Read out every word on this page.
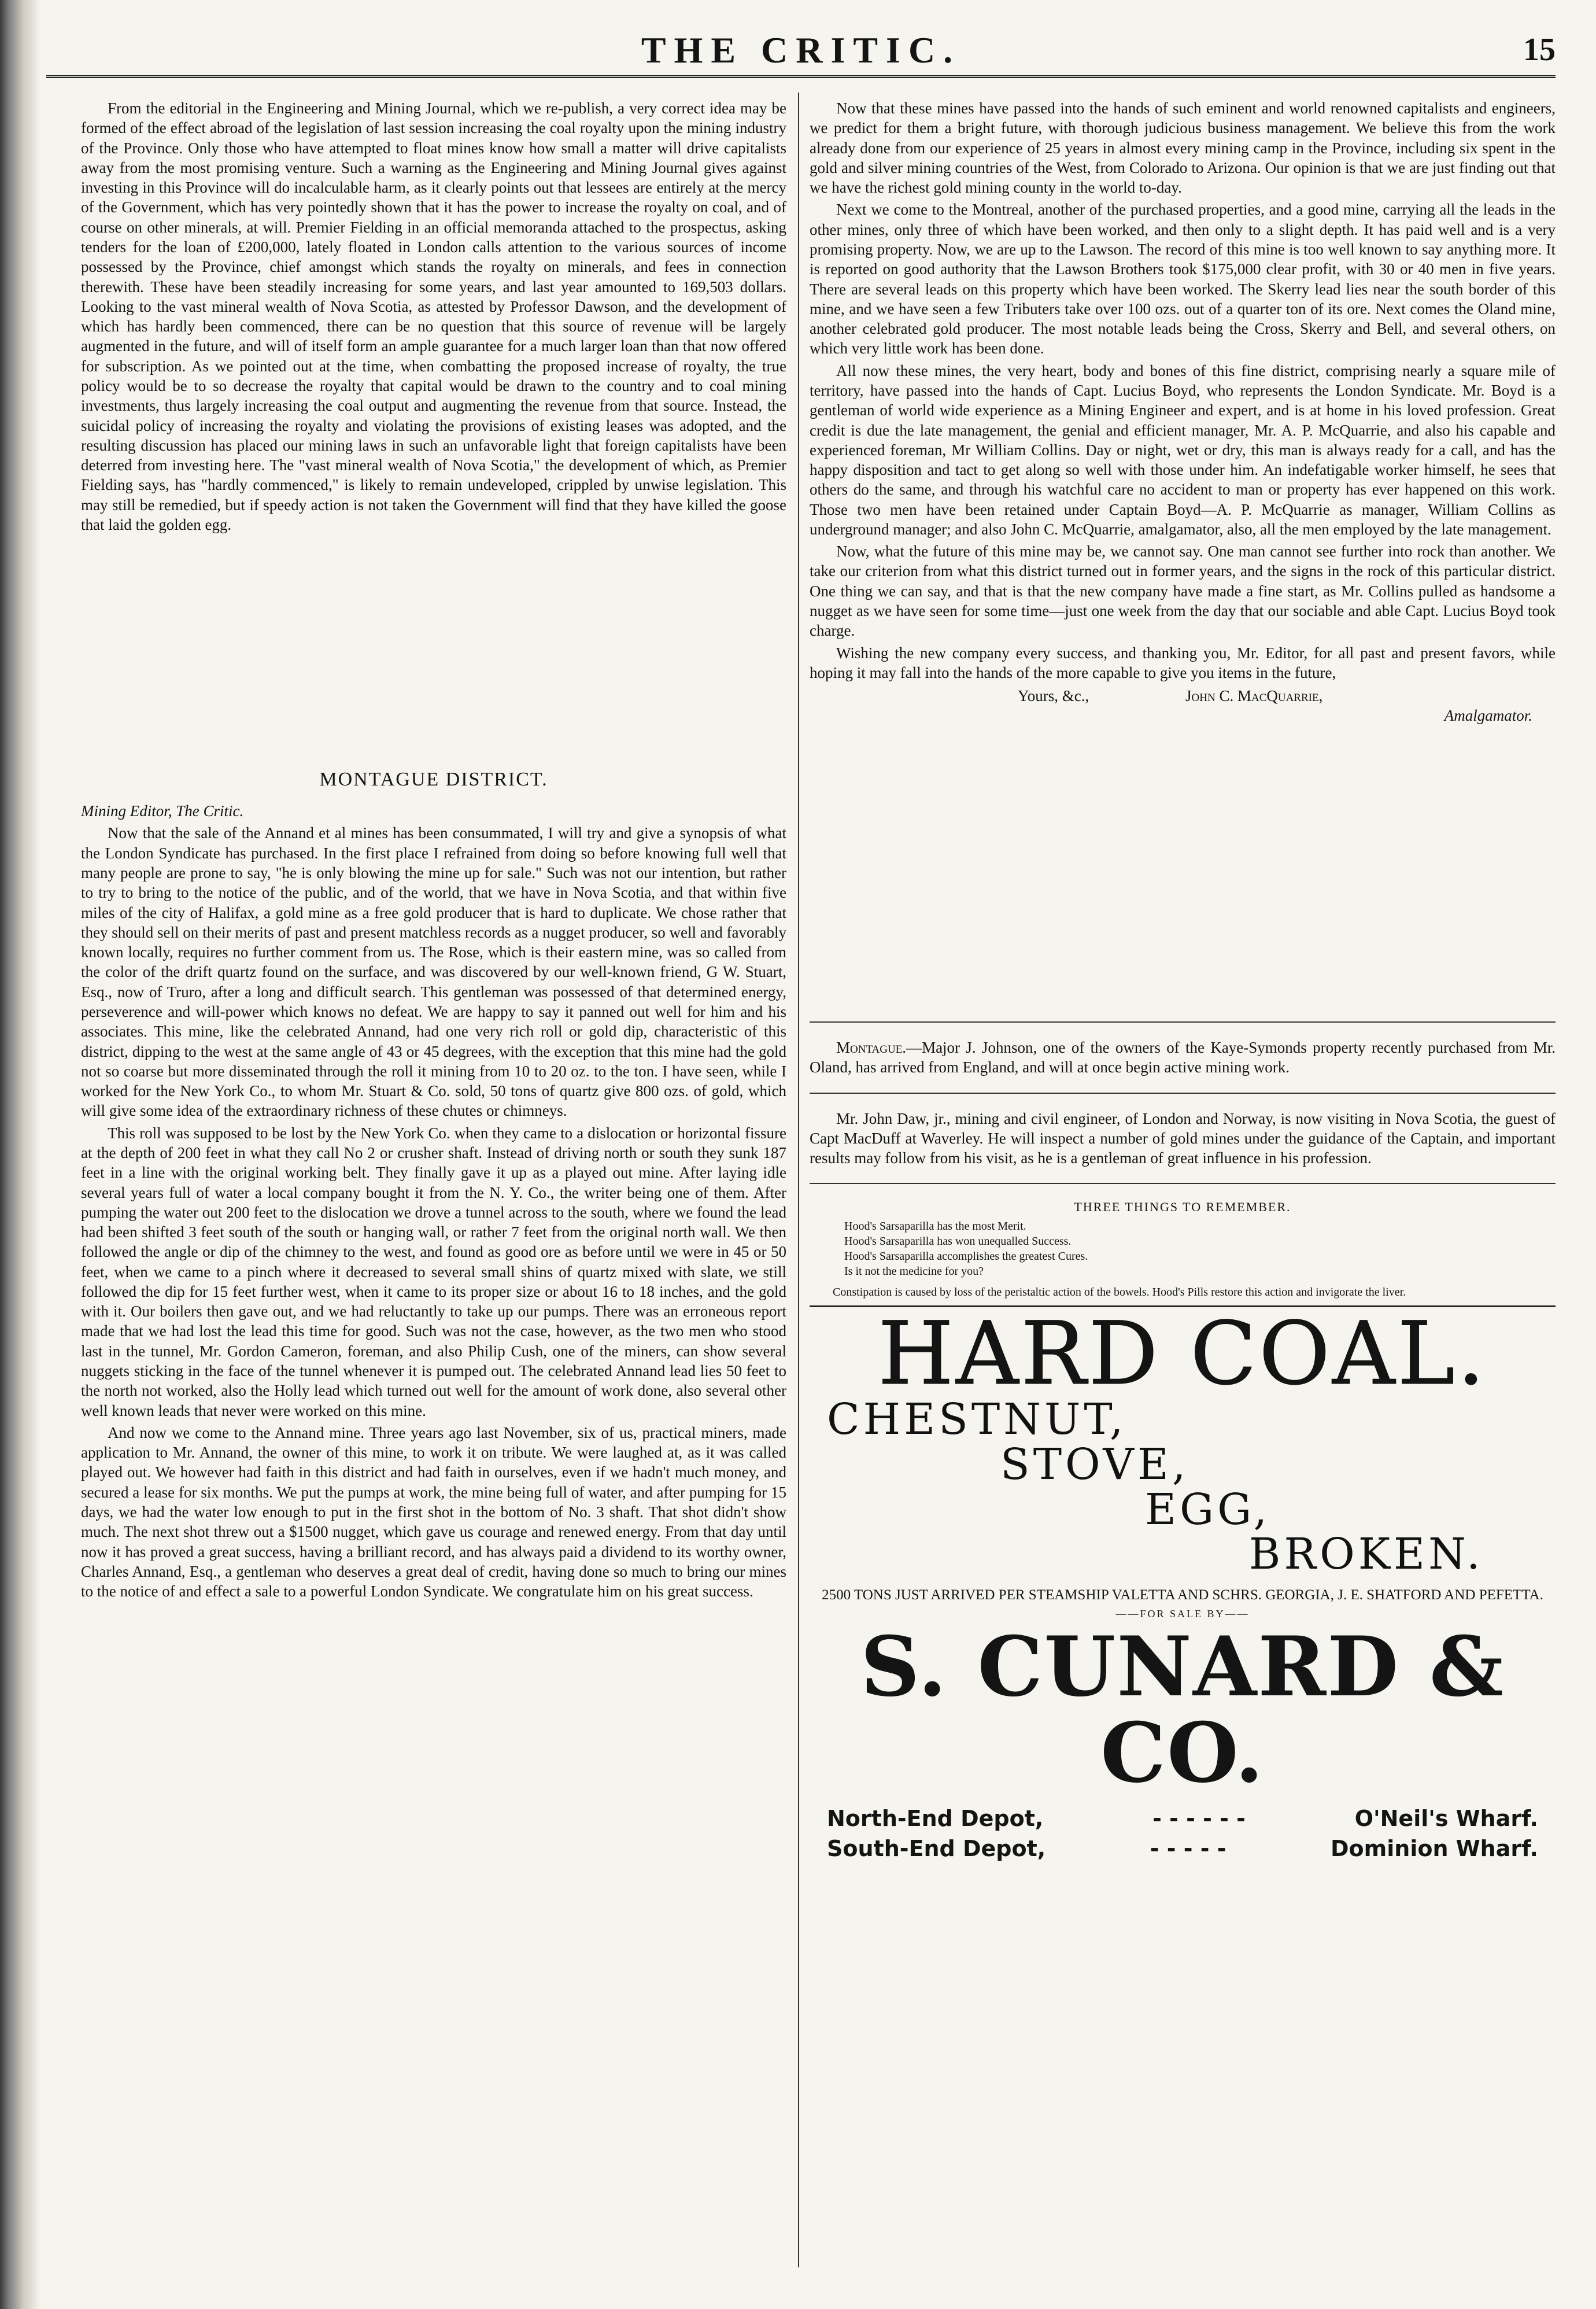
THE CRITIC.	15

From the editorial in the Engineering and Mining Journal, which we re-publish, a very correct idea may be formed of the effect abroad of the legislation of last session increasing the coal royalty upon the mining industry of the Province. Only those who have attempted to float mines know how small a matter will drive capitalists away from the most promising venture. Such a warning as the Engineering and Mining Journal gives against investing in this Province will do incalculable harm, as it clearly points out that lessees are entirely at the mercy of the Government, which has very pointedly shown that it has the power to increase the royalty on coal, and of course on other minerals, at will. Premier Fielding in an official memoranda attached to the prospectus, asking tenders for the loan of £200,000, lately floated in London calls attention to the various sources of income possessed by the Province, chief amongst which stands the royalty on minerals, and fees in connection therewith. These have been steadily increasing for some years, and last year amounted to 169,503 dollars. Looking to the vast mineral wealth of Nova Scotia, as attested by Professor Dawson, and the development of which has hardly been commenced, there can be no question that this source of revenue will be largely augmented in the future, and will of itself form an ample guarantee for a much larger loan than that now offered for subscription. As we pointed out at the time, when combatting the proposed increase of royalty, the true policy would be to so decrease the royalty that capital would be drawn to the country and to coal mining investments, thus largely increasing the coal output and augmenting the revenue from that source. Instead, the suicidal policy of increasing the royalty and violating the provisions of existing leases was adopted, and the resulting discussion has placed our mining laws in such an unfavorable light that foreign capitalists have been deterred from investing here. The "vast mineral wealth of Nova Scotia," the development of which, as Premier Fielding says, has "hardly commenced," is likely to remain undeveloped, crippled by unwise legislation. This may still be remedied, but if speedy action is not taken the Government will find that they have killed the goose that laid the golden egg.

MONTAGUE DISTRICT.
Mining Editor, The Critic.

Now that the sale of the Annand et al mines has been consummated, I will try and give a synopsis of what the London Syndicate has purchased. In the first place I refrained from doing so before knowing full well that many people are prone to say, "he is only blowing the mine up for sale." Such was not our intention, but rather to try to bring to the notice of the public, and of the world, that we have in Nova Scotia, and that within five miles of the city of Halifax, a gold mine as a free gold producer that is hard to duplicate. We chose rather that they should sell on their merits of past and present matchless records as a nugget producer, so well and favorably known locally, requires no further comment from us. The Rose, which is their eastern mine, was so called from the color of the drift quartz found on the surface, and was discovered by our well-known friend, G W. Stuart, Esq., now of Truro, after a long and difficult search. This gentleman was possessed of that determined energy, perseverence and will-power which knows no defeat. We are happy to say it panned out well for him and his associates. This mine, like the celebrated Annand, had one very rich roll or gold dip, characteristic of this district, dipping to the west at the same angle of 43 or 45 degrees, with the exception that this mine had the gold not so coarse but more disseminated through the roll it mining from 10 to 20 oz. to the ton. I have seen, while I worked for the New York Co., to whom Mr. Stuart & Co. sold, 50 tons of quartz give 800 ozs. of gold, which will give some idea of the extraordinary richness of these chutes or chimneys.

This roll was supposed to be lost by the New York Co. when they came to a dislocation or horizontal fissure at the depth of 200 feet in what they call No 2 or crusher shaft. Instead of driving north or south they sunk 187 feet in a line with the original working belt. They finally gave it up as a played out mine. After laying idle several years full of water a local company bought it from the N. Y. Co., the writer being one of them. After pumping the water out 200 feet to the dislocation we drove a tunnel across to the south, where we found the lead had been shifted 3 feet south of the south or hanging wall, or rather 7 feet from the original north wall. We then followed the angle or dip of the chimney to the west, and found as good ore as before until we were in 45 or 50 feet, when we came to a pinch where it decreased to several small shins of quartz mixed with slate, we still followed the dip for 15 feet further west, when it came to its proper size or about 16 to 18 inches, and the gold with it. Our boilers then gave out, and we had reluctantly to take up our pumps. There was an erroneous report made that we had lost the lead this time for good. Such was not the case, however, as the two men who stood last in the tunnel, Mr. Gordon Cameron, foreman, and also Philip Cush, one of the miners, can show several nuggets sticking in the face of the tunnel whenever it is pumped out. The celebrated Annand lead lies 50 feet to the north not worked, also the Holly lead which turned out well for the amount of work done, also several other well known leads that never were worked on this mine.

And now we come to the Annand mine. Three years ago last November, six of us, practical miners, made application to Mr. Annand, the owner of this mine, to work it on tribute. We were laughed at, as it was called played out. We however had faith in this district and had faith in ourselves, even if we hadn't much money, and secured a lease for six months. We put the pumps at work, the mine being full of water, and after pumping for 15 days, we had the water low enough to put in the first shot in the bottom of No. 3 shaft. That shot didn't show much. The next shot threw out a $1500 nugget, which gave us courage and renewed energy. From that day until now it has proved a great success, having a brilliant record, and has always paid a dividend to its worthy owner, Charles Annand, Esq., a gentleman who deserves a great deal of credit, having done so much to bring our mines to the notice of and effect a sale to a powerful London Syndicate. We congratulate him on his great success.

Now that these mines have passed into the hands of such eminent and world renowned capitalists and engineers, we predict for them a bright future, with thorough judicious business management. We believe this from the work already done from our experience of 25 years in almost every mining camp in the Province, including six spent in the gold and silver mining countries of the West, from Colorado to Arizona. Our opinion is that we are just finding out that we have the richest gold mining county in the world to-day.

Next we come to the Montreal, another of the purchased properties, and a good mine, carrying all the leads in the other mines, only three of which have been worked, and then only to a slight depth. It has paid well and is a very promising property. Now, we are up to the Lawson. The record of this mine is too well known to say anything more. It is reported on good authority that the Lawson Brothers took $175,000 clear profit, with 30 or 40 men in five years. There are several leads on this property which have been worked. The Skerry lead lies near the south border of this mine, and we have seen a few Tributers take over 100 ozs. out of a quarter ton of its ore. Next comes the Oland mine, another celebrated gold producer. The most notable leads being the Cross, Skerry and Bell, and several others, on which very little work has been done.

All now these mines, the very heart, body and bones of this fine district, comprising nearly a square mile of territory, have passed into the hands of Capt. Lucius Boyd, who represents the London Syndicate. Mr. Boyd is a gentleman of world wide experience as a Mining Engineer and expert, and is at home in his loved profession. Great credit is due the late management, the genial and efficient manager, Mr. A. P. McQuarrie, and also his capable and experienced foreman, Mr William Collins. Day or night, wet or dry, this man is always ready for a call, and has the happy disposition and tact to get along so well with those under him. An indefatigable worker himself, he sees that others do the same, and through his watchful care no accident to man or property has ever happened on this work. Those two men have been retained under Captain Boyd—A. P. McQuarrie as manager, William Collins as underground manager; and also John C. McQuarrie, amalgamator, also, all the men employed by the late management.

Now, what the future of this mine may be, we cannot say. One man cannot see further into rock than another. We take our criterion from what this district turned out in former years, and the signs in the rock of this particular district. One thing we can say, and that is that the new company have made a fine start, as Mr. Collins pulled as handsome a nugget as we have seen for some time—just one week from the day that our sociable and able Capt. Lucius Boyd took charge.

Wishing the new company every success, and thanking you, Mr. Editor, for all past and present favors, while hoping it may fall into the hands of the more capable to give you items in the future,

Yours, &c.,	John C. MacQuarrie,
Amalgamator.

Montague.—Major J. Johnson, one of the owners of the Kaye-Symonds property recently purchased from Mr. Oland, has arrived from England, and will at once begin active mining work.

Mr. John Daw, jr., mining and civil engineer, of London and Norway, is now visiting in Nova Scotia, the guest of Capt MacDuff at Waverley. He will inspect a number of gold mines under the guidance of the Captain, and important results may follow from his visit, as he is a gentleman of great influence in his profession.

THREE THINGS TO REMEMBER.
Hood's Sarsaparilla has the most Merit.
Hood's Sarsaparilla has won unequalled Success.
Hood's Sarsaparilla accomplishes the greatest Cures.
Is it not the medicine for you?

Constipation is caused by loss of the peristaltic action of the bowels. Hood's Pills restore this action and invigorate the liver.

HARD COAL.
CHESTNUT,
STOVE,
EGG,
BROKEN.
2500 TONS JUST ARRIVED PER STEAMSHIP VALETTA AND SCHRS. GEORGIA, J. E. SHATFORD AND PEFETTA.
——FOR SALE BY——
S. CUNARD & CO.
North-End Depot,	- - - - - -	O'Neil's Wharf.
South-End Depot,	- - - - -	Dominion Wharf.
